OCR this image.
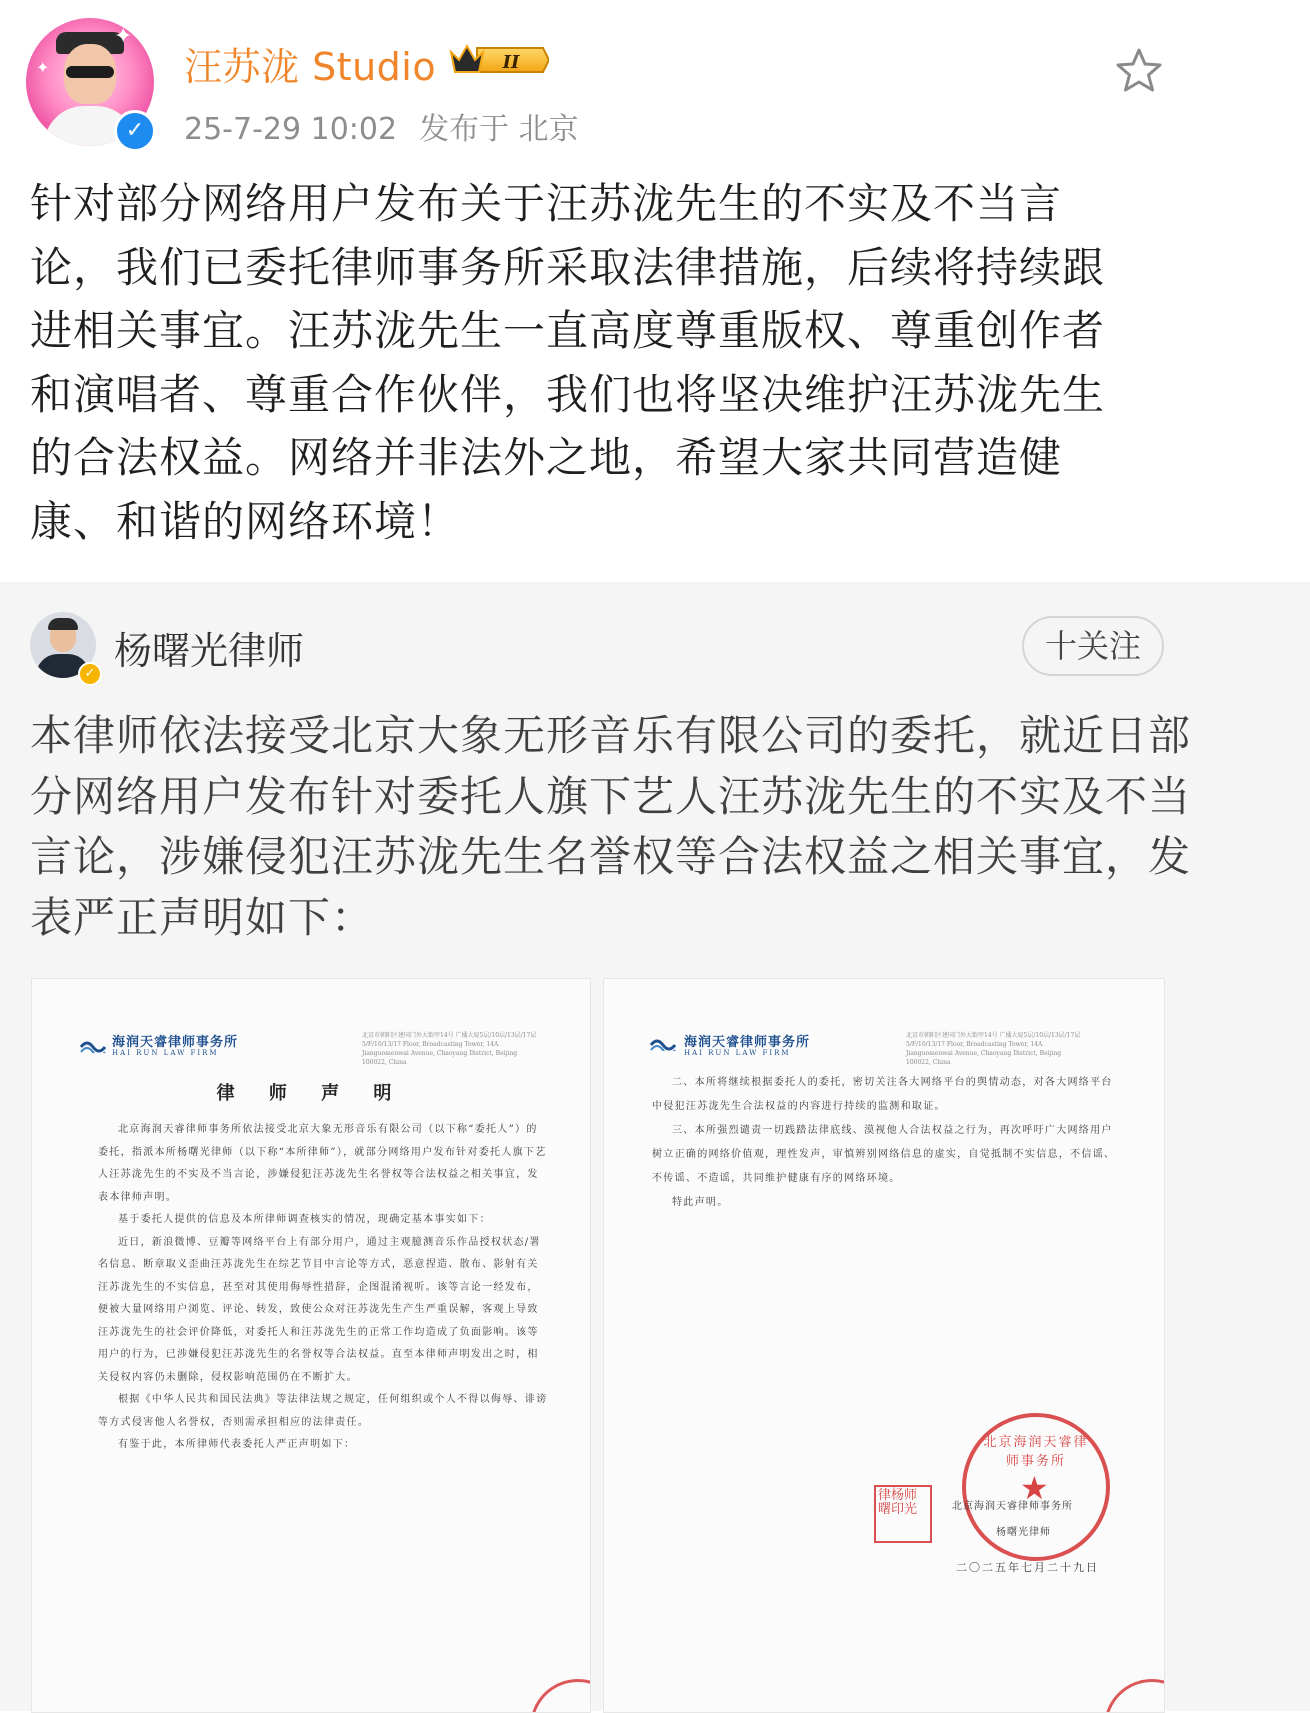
✦
✦
✓
汪苏泷 Studio	II
25-7-29 10:02 发布于 北京

针对部分网络用户发布关于汪苏泷先生的不实及不当言
论，我们已委托律师事务所采取法律措施，后续将持续跟
进相关事宜。汪苏泷先生一直高度尊重版权、尊重创作者
和演唱者、尊重合作伙伴，我们也将坚决维护汪苏泷先生
的合法权益。网络并非法外之地，希望大家共同营造健
康、和谐的网络环境！

✓
杨曙光律师	十关注

本律师依法接受北京大象无形音乐有限公司的委托，就近日部
分网络用户发布针对委托人旗下艺人汪苏泷先生的不实及不当
言论，涉嫌侵犯汪苏泷先生名誉权等合法权益之相关事宜，发
表严正声明如下：

海润天睿律师事务所
HAI RUN LAW FIRM
北京市朝阳区建国门外大街甲14号 广播大厦5层/10层/13层/17层 5/F/10/13/17 Floor, Broadcasting Tower, 14A Jianguomenwai Avenue, Chaoyang District, Beijing 100022, China
律 师 声 明

北京海润天睿律师事务所依法接受北京大象无形音乐有限公司（以下称“委托人”）的委托，指派本所杨曙光律师（以下称“本所律师”），就部分网络用户发布针对委托人旗下艺人汪苏泷先生的不实及不当言论，涉嫌侵犯汪苏泷先生名誉权等合法权益之相关事宜，发表本律师声明。

基于委托人提供的信息及本所律师调查核实的情况，现确定基本事实如下：

近日，新浪微博、豆瓣等网络平台上有部分用户，通过主观臆测音乐作品授权状态/署名信息、断章取义歪曲汪苏泷先生在综艺节目中言论等方式，恶意捏造、散布、影射有关汪苏泷先生的不实信息，甚至对其使用侮辱性措辞，企图混淆视听。该等言论一经发布，便被大量网络用户浏览、评论、转发，致使公众对汪苏泷先生产生严重误解，客观上导致汪苏泷先生的社会评价降低，对委托人和汪苏泷先生的正常工作均造成了负面影响。该等用户的行为，已涉嫌侵犯汪苏泷先生的名誉权等合法权益。直至本律师声明发出之时，相关侵权内容仍未删除，侵权影响范围仍在不断扩大。

根据《中华人民共和国民法典》等法律法规之规定，任何组织或个人不得以侮辱、诽谤等方式侵害他人名誉权，否则需承担相应的法律责任。

有鉴于此，本所律师代表委托人严正声明如下：

海润天睿律师事务所
HAI RUN LAW FIRM
北京市朝阳区建国门外大街甲14号 广播大厦5层/10层/13层/17层 5/F/10/13/17 Floor, Broadcasting Tower, 14A Jianguomenwai Avenue, Chaoyang District, Beijing 100022, China

二、本所将继续根据委托人的委托，密切关注各大网络平台的舆情动态，对各大网络平台中侵犯汪苏泷先生合法权益的内容进行持续的监测和取证。

三、本所强烈谴责一切践踏法律底线、漠视他人合法权益之行为，再次呼吁广大网络用户树立正确的网络价值观，理性发声，审慎辨别网络信息的虚实，自觉抵制不实信息，不信谣、不传谣、不造谣，共同维护健康有序的网络环境。

特此声明。

北京海润天睿律师事务所
★
律杨师曙印光	北京海润天睿律师事务所
杨曙光律师
二〇二五年七月二十九日
